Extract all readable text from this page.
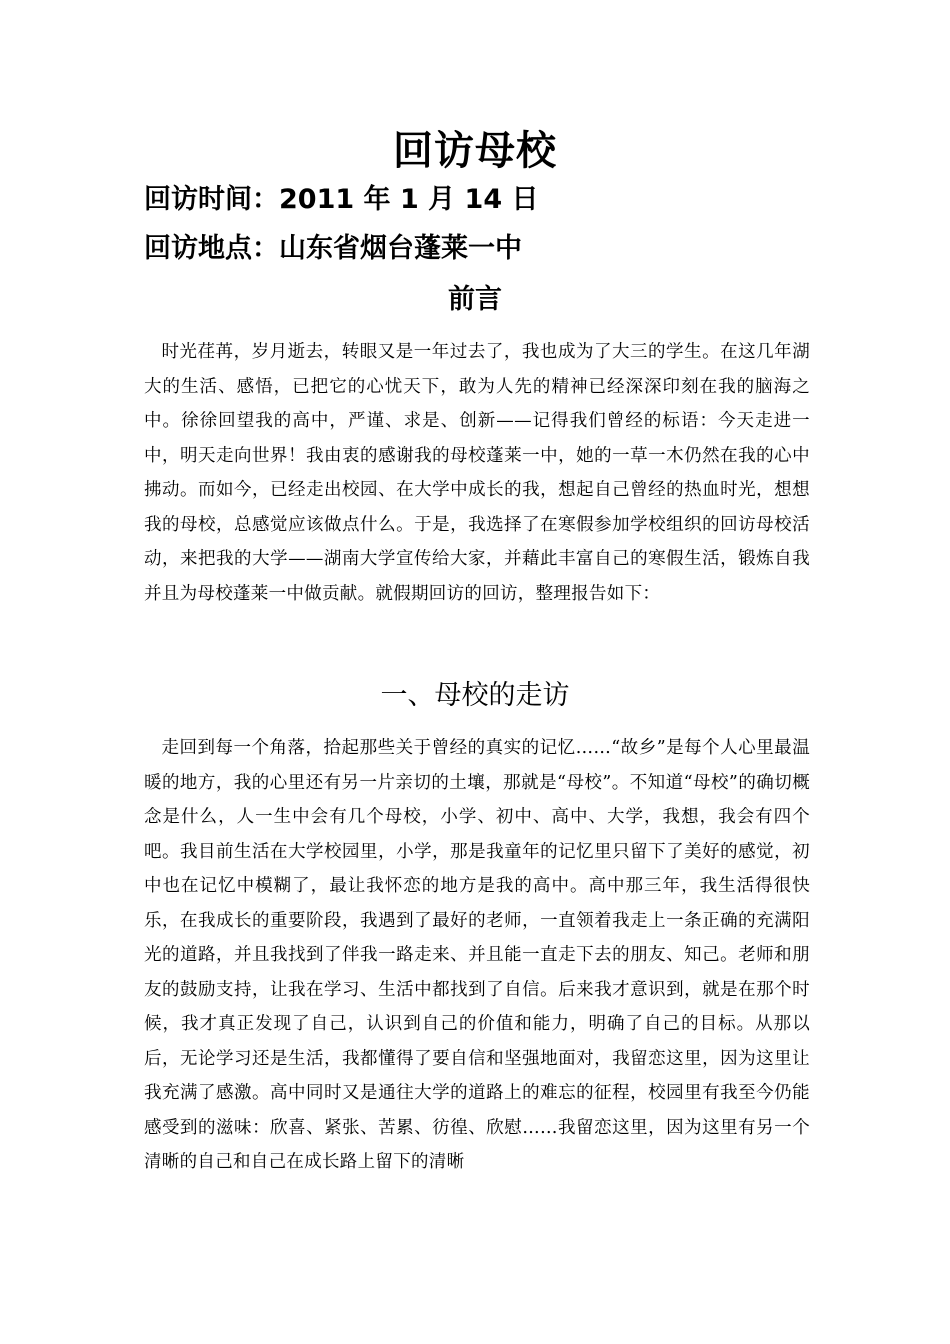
回访母校
回访时间：2011 年 1 月 14 日
回访地点：山东省烟台蓬莱一中
前言

时光荏苒，岁月逝去，转眼又是一年过去了，我也成为了大三的学生。在这几年湖大的生活、感悟，已把它的心忧天下，敢为人先的精神已经深深印刻在我的脑海之中。徐徐回望我的高中，严谨、求是、创新——记得我们曾经的标语：今天走进一中，明天走向世界！我由衷的感谢我的母校蓬莱一中，她的一草一木仍然在我的心中拂动。而如今，已经走出校园、在大学中成长的我，想起自己曾经的热血时光，想想我的母校，总感觉应该做点什么。于是，我选择了在寒假参加学校组织的回访母校活动，来把我的大学——湖南大学宣传给大家，并藉此丰富自己的寒假生活，锻炼自我并且为母校蓬莱一中做贡献。就假期回访的回访，整理报告如下：

一、母校的走访

走回到每一个角落，拾起那些关于曾经的真实的记忆……“故乡”是每个人心里最温暖的地方，我的心里还有另一片亲切的土壤，那就是“母校”。不知道“母校”的确切概念是什么，人一生中会有几个母校，小学、初中、高中、大学，我想，我会有四个吧。我目前生活在大学校园里，小学，那是我童年的记忆里只留下了美好的感觉，初中也在记忆中模糊了，最让我怀恋的地方是我的高中。高中那三年，我生活得很快乐，在我成长的重要阶段，我遇到了最好的老师，一直领着我走上一条正确的充满阳光的道路，并且我找到了伴我一路走来、并且能一直走下去的朋友、知己。老师和朋友的鼓励支持，让我在学习、生活中都找到了自信。后来我才意识到，就是在那个时候，我才真正发现了自己，认识到自己的价值和能力，明确了自己的目标。从那以后，无论学习还是生活，我都懂得了要自信和坚强地面对，我留恋这里，因为这里让我充满了感激。高中同时又是通往大学的道路上的难忘的征程，校园里有我至今仍能感受到的滋味：欣喜、紧张、苦累、彷徨、欣慰……我留恋这里，因为这里有另一个清晰的自己和自己在成长路上留下的清晰
